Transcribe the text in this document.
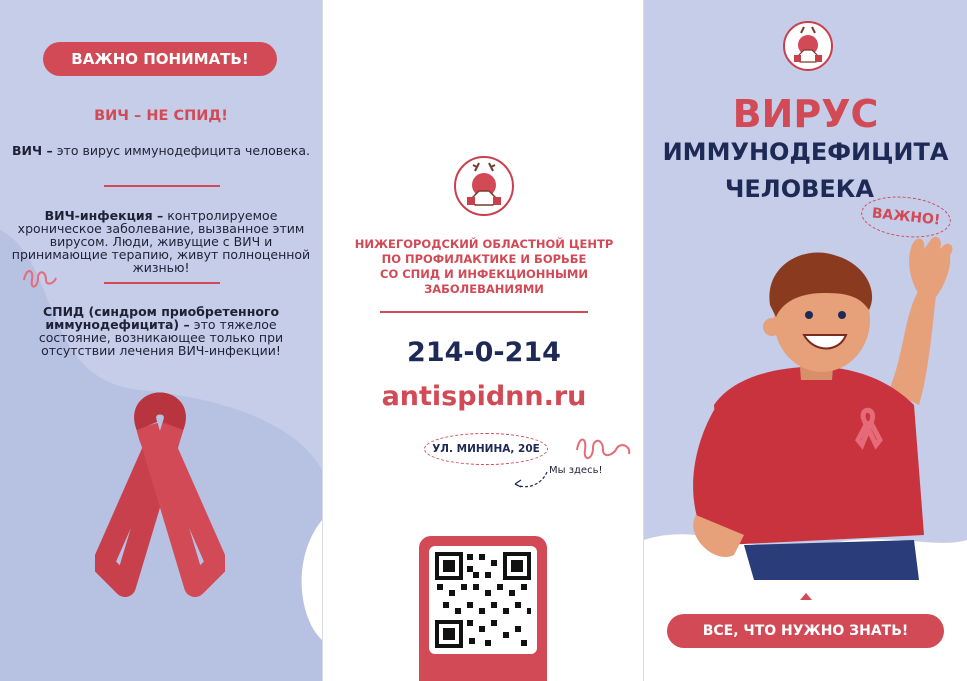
ВАЖНО ПОНИМАТЬ!
ВИЧ – НЕ СПИД!
ВИЧ – это вирус иммунодефицита человека.
ВИЧ-инфекция – контролируемое хроническое заболевание, вызванное этим вирусом. Люди, живущие с ВИЧ и принимающие терапию, живут полноценной жизнью!
СПИД (синдром приобретенного иммунодефицита) – это тяжелое состояние, возникающее только при отсутствии лечения ВИЧ-инфекции!
НИЖЕГОРОДСКИЙ ОБЛАСТНОЙ ЦЕНТР
ПО ПРОФИЛАКТИКЕ И БОРЬБЕ
СО СПИД И ИНФЕКЦИОННЫМИ ЗАБОЛЕВАНИЯМИ
214-0-214
antispidnn.ru
УЛ. МИНИНА, 20Е
Мы здесь!
ВИРУС
ИММУНОДЕФИЦИТА
ЧЕЛОВЕКА
ВАЖНО!
ВСЕ, ЧТО НУЖНО ЗНАТЬ!
